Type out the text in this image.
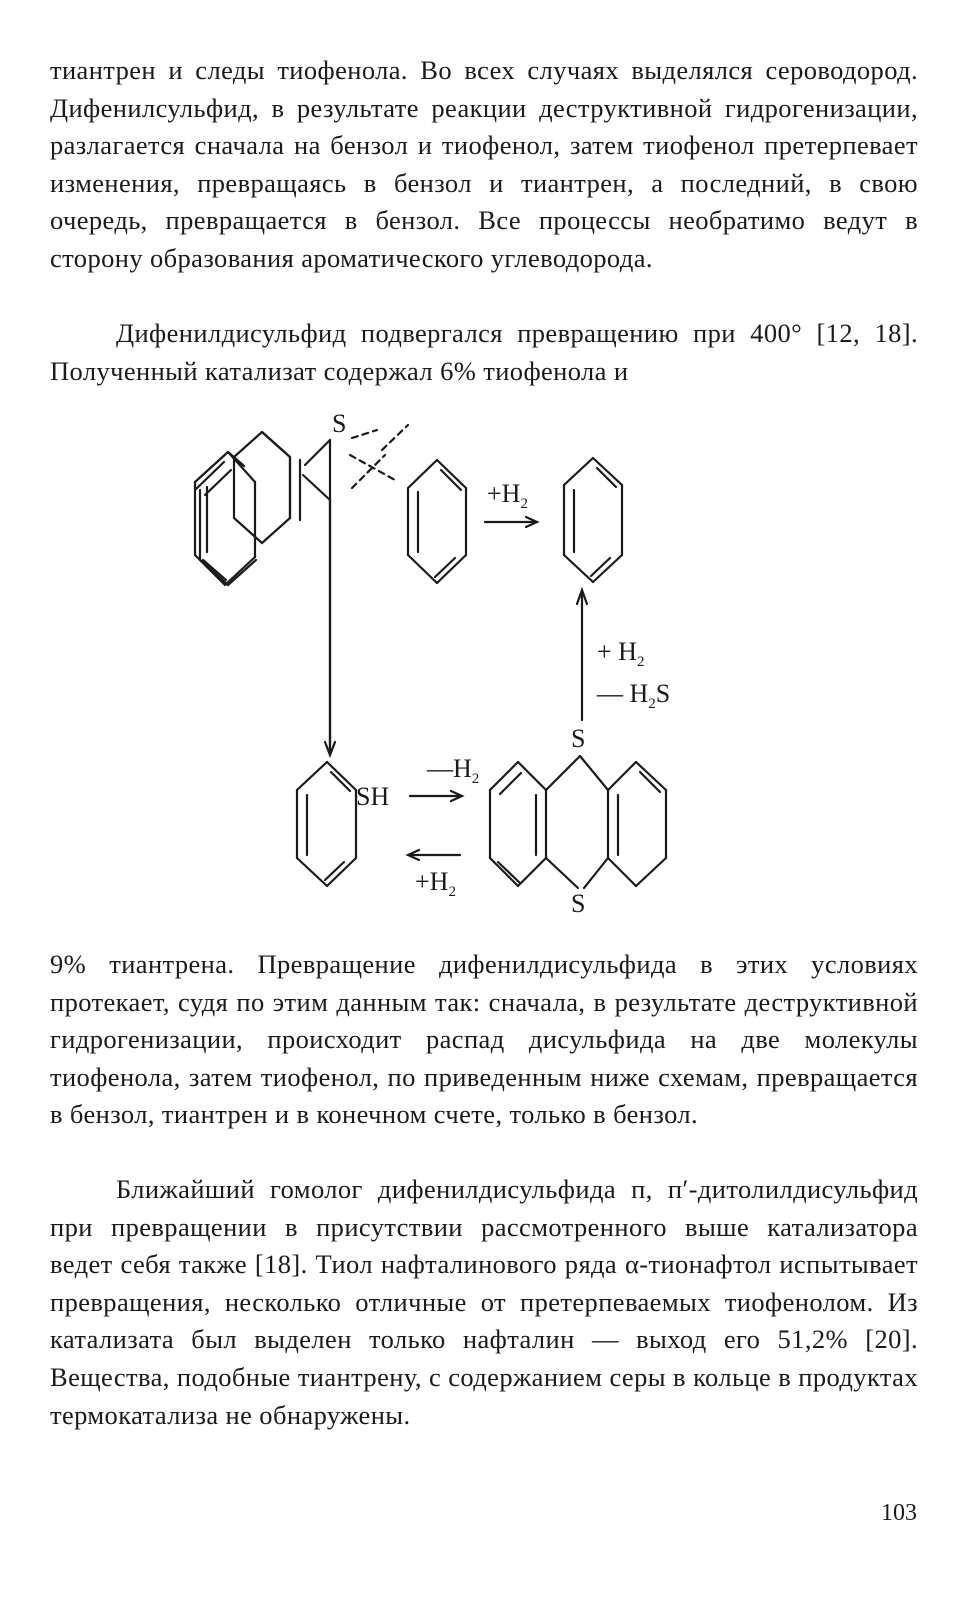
тиантрен и следы тиофенола. Во всех случаях выделялся сероводород. Дифенилсульфид, в результате реакции деструктивной гидрогенизации, разлагается сначала на бензол и тиофенол, затем тиофенол претерпевает изменения, превращаясь в бензол и тиантрен, а последний, в свою очередь, превращается в бензол. Все процессы необратимо ведут в сторону образования ароматического углеводорода.

Дифенилдисульфид подвергался превращению при 400° [12, 18]. Полученный катализат содержал 6% тиофенола и

S
$+H_2$
+ $H_2$
— $H_2S$
SH
$—H_2$
$+H_2$
S
S

9% тиантрена. Превращение дифенилдисульфида в этих условиях протекает, судя по этим данным так: сначала, в результате деструктивной гидрогенизации, происходит распад дисульфида на две молекулы тиофенола, затем тиофенол, по приведенным ниже схемам, превращается в бензол, тиантрен и в конечном счете, только в бензол.

Ближайший гомолог дифенилдисульфида п, п′-дитолилдисульфид при превращении в присутствии рассмотренного выше катализатора ведет себя также [18]. Тиол нафталинового ряда α-тионафтол испытывает превращения, несколько отличные от претерпеваемых тиофенолом. Из катализата был выделен только нафталин — выход его 51,2% [20]. Вещества, подобные тиантрену, с содержанием серы в кольце в продуктах термокатализа не обнаружены.

103
